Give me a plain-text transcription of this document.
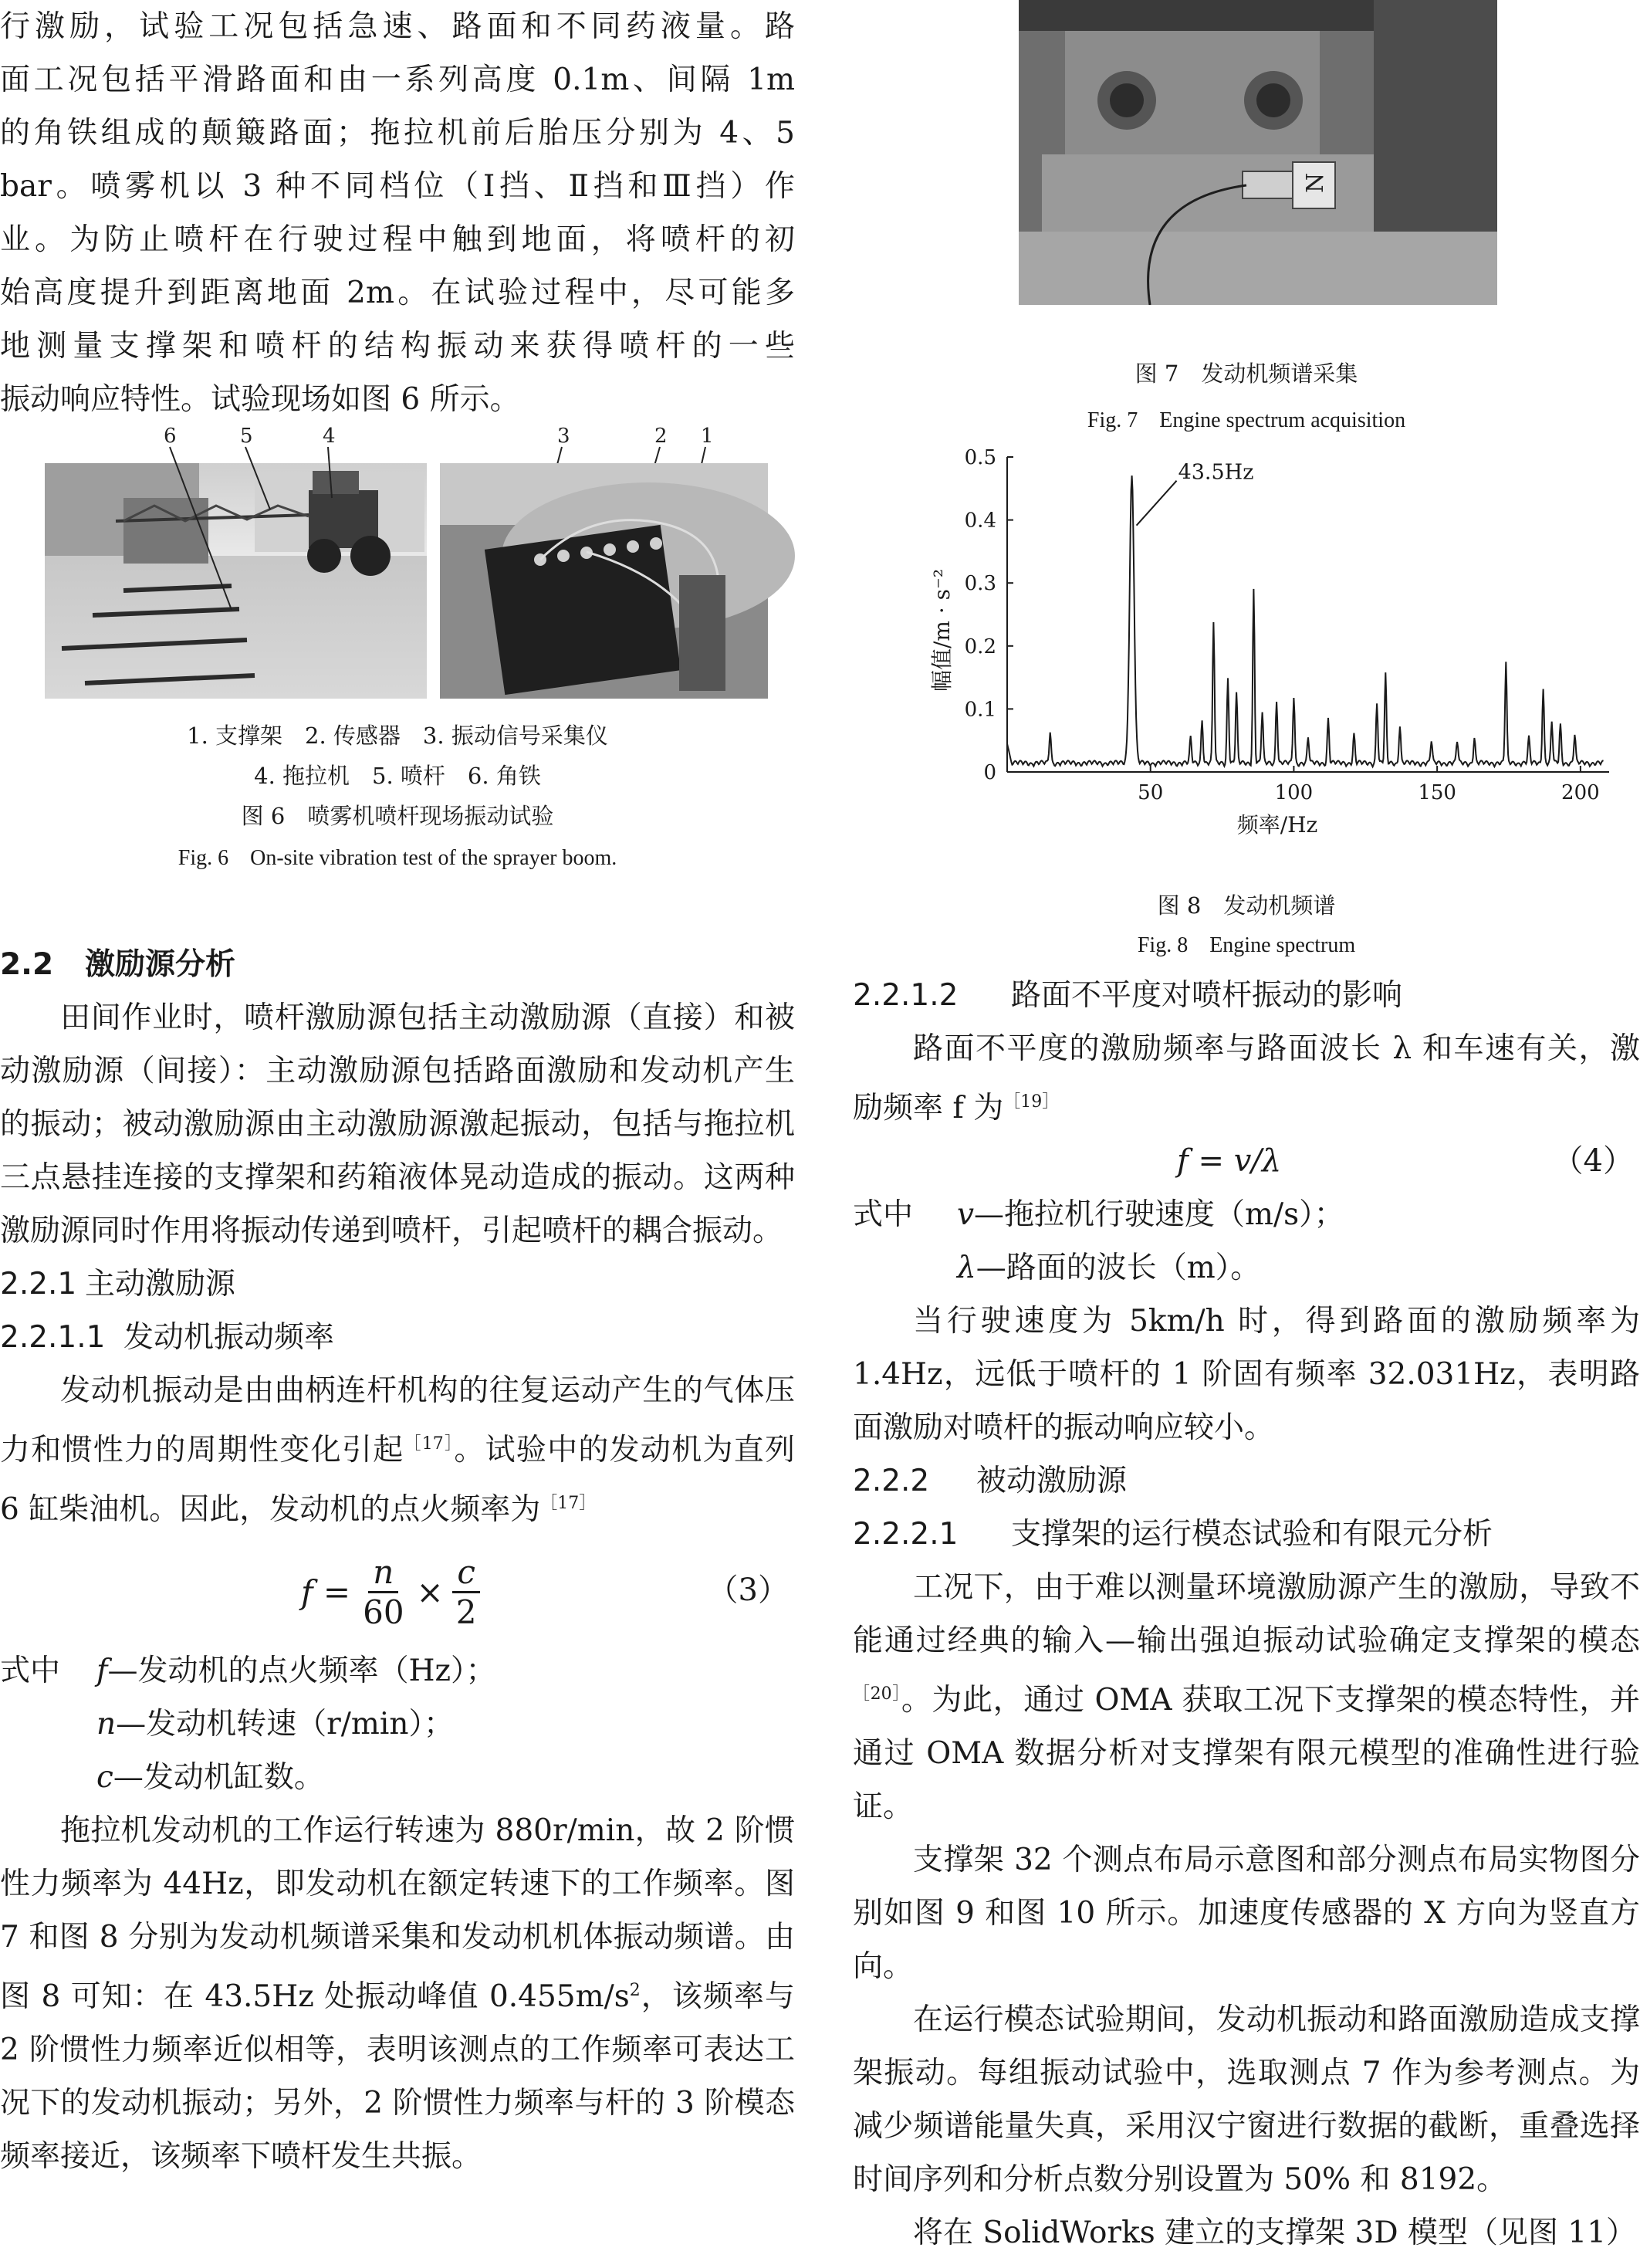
行激励，试验工况包括急速、路面和不同药液量。路
面工况包括平滑路面和由一系列高度 0.1m、间隔 1m
的角铁组成的颠簸路面；拖拉机前后胎压分别为 4、5
bar。喷雾机以 3 种不同档位（Ⅰ挡、Ⅱ挡和Ⅲ挡）作
业。为防止喷杆在行驶过程中触到地面，将喷杆的初
始高度提升到距离地面 2m。在试验过程中，尽可能多
地测量支撑架和喷杆的结构振动来获得喷杆的一些
振动响应特性。试验现场如图 6 所示。
6	5	4	3	2 1

1. 支撑架　2. 传感器　3. 振动信号采集仪

4. 拖拉机　5. 喷杆　6. 角铁

图 6　喷雾机喷杆现场振动试验

Fig. 6　On-site vibration test of the sprayer boom.

2.2 激励源分析

田间作业时，喷杆激励源包括主动激励源（直接）和被动激励源（间接）：主动激励源包括路面激励和发动机产生的振动；被动激励源由主动激励源激起振动，包括与拖拉机三点悬挂连接的支撑架和药箱液体晃动造成的振动。这两种激励源同时作用将振动传递到喷杆，引起喷杆的耦合振动。

2.2.1 主动激励源
2.2.1.1 发动机振动频率

发动机振动是由曲柄连杆机构的往复运动产生的气体压力和惯性力的周期性变化引起$^{[17]}$。试验中的发动机为直列 6 缸柴油机。因此，发动机的点火频率为$^{[17]}$

$f = \frac{n}{60} \times \frac{c}{2}$	（3）
式中 f—发动机的点火频率（Hz）；
n—发动机转速（r/min）；
c—发动机缸数。

拖拉机发动机的工作运行转速为 880r/min，故 2 阶惯性力频率为 44Hz，即发动机在额定转速下的工作频率。图 7 和图 8 分别为发动机频谱采集和发动机机体振动频谱。由图 8 可知：在 43.5Hz 处振动峰值 $0.455m/s^2$，该频率与 2 阶惯性力频率近似相等，表明该测点的工作频率可表达工况下的发动机振动；另外，2 阶惯性力频率与杆的 3 阶模态频率接近，该频率下喷杆发生共振。

N

图 7　发动机频谱采集

Fig. 7　Engine spectrum acquisition

0
0.1
0.2
0.3
0.4
0.5
50	100	150	200
43.5Hz
幅值/m · s⁻²
频率/Hz

图 8　发动机频谱

Fig. 8　Engine spectrum

2.2.1.2 路面不平度对喷杆振动的影响

路面不平度的激励频率与路面波长 λ 和车速有关，激励频率 f 为$^{[19]}$

f = v/λ	（4）
式中 v—拖拉机行驶速度（m/s）；
λ—路面的波长（m）。

当行驶速度为 5km/h 时，得到路面的激励频率为 1.4Hz，远低于喷杆的 1 阶固有频率 32.031Hz，表明路面激励对喷杆的振动响应较小。

2.2.2 被动激励源
2.2.2.1 支撑架的运行模态试验和有限元分析

工况下，由于难以测量环境激励源产生的激励，导致不能通过经典的输入—输出强迫振动试验确定支撑架的模态$^{[20]}$。为此，通过 OMA 获取工况下支撑架的模态特性，并通过 OMA 数据分析对支撑架有限元模型的准确性进行验证。

支撑架 32 个测点布局示意图和部分测点布局实物图分别如图 9 和图 10 所示。加速度传感器的 X 方向为竖直方向。

在运行模态试验期间，发动机振动和路面激励造成支撑架振动。每组振动试验中，选取测点 7 作为参考测点。为减少频谱能量失真，采用汉宁窗进行数据的截断，重叠选择时间序列和分析点数分别设置为 50% 和 8192。

将在 SolidWorks 建立的支撑架 3D 模型（见图 11）
